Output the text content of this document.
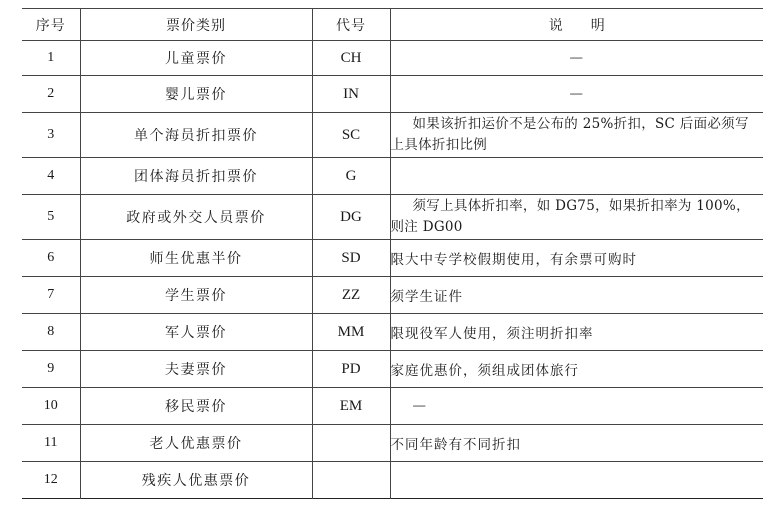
序号	票价类别	代号	说　　明
1	儿童票价	CH	—
2	婴儿票价	IN	—
3	单个海员折扣票价	SC	如果该折扣运价不是公布的 25%折扣，SC 后面必须写上具体折扣比例
4	团体海员折扣票价	G	
5	政府或外交人员票价	DG	须写上具体折扣率，如 DG75，如果折扣率为 100%，则注 DG00
6	师生优惠半价	SD	限大中专学校假期使用，有余票可购时
7	学生票价	ZZ	须学生证件
8	军人票价	MM	限现役军人使用，须注明折扣率
9	夫妻票价	PD	家庭优惠价，须组成团体旅行
10	移民票价	EM	—
11	老人优惠票价		不同年龄有不同折扣
12	残疾人优惠票价		
